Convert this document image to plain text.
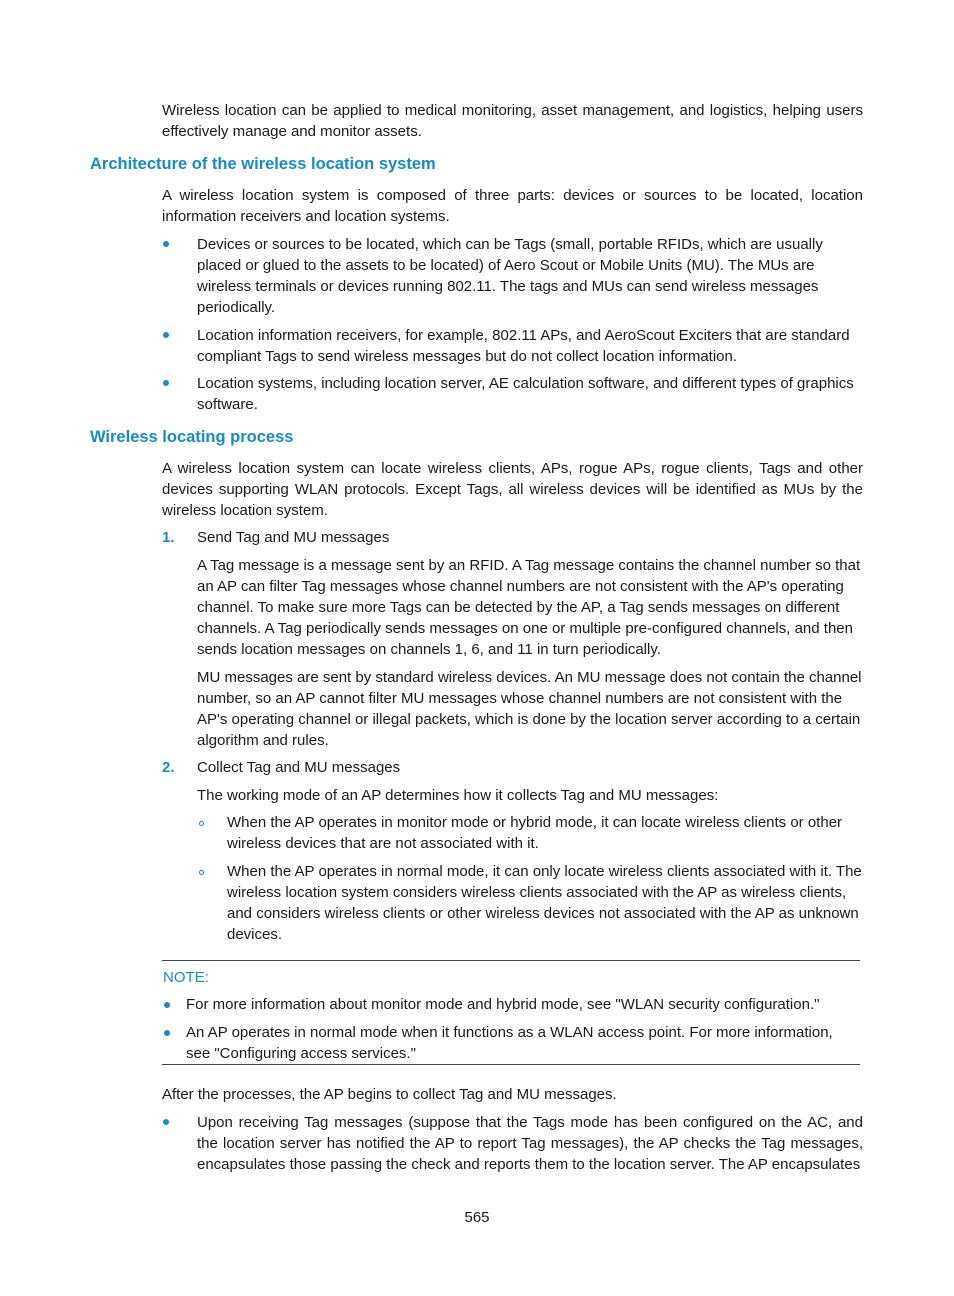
Wireless location can be applied to medical monitoring, asset management, and logistics, helping users effectively manage and monitor assets.

Architecture of the wireless location system

A wireless location system is composed of three parts: devices or sources to be located, location information receivers and location systems.

Devices or sources to be located, which can be Tags (small, portable RFIDs, which are usually placed or glued to the assets to be located) of Aero Scout or Mobile Units (MU). The MUs are wireless terminals or devices running 802.11. The tags and MUs can send wireless messages periodically.

Location information receivers, for example, 802.11 APs, and AeroScout Exciters that are standard compliant Tags to send wireless messages but do not collect location information.

Location systems, including location server, AE calculation software, and different types of graphics software.

Wireless locating process

A wireless location system can locate wireless clients, APs, rogue APs, rogue clients, Tags and other devices supporting WLAN protocols. Except Tags, all wireless devices will be identified as MUs by the wireless location system.

1. Send Tag and MU messages

A Tag message is a message sent by an RFID. A Tag message contains the channel number so that an AP can filter Tag messages whose channel numbers are not consistent with the AP's operating channel. To make sure more Tags can be detected by the AP, a Tag sends messages on different channels. A Tag periodically sends messages on one or multiple pre-configured channels, and then sends location messages on channels 1, 6, and 11 in turn periodically.

MU messages are sent by standard wireless devices. An MU message does not contain the channel number, so an AP cannot filter MU messages whose channel numbers are not consistent with the AP's operating channel or illegal packets, which is done by the location server according to a certain algorithm and rules.

2. Collect Tag and MU messages

The working mode of an AP determines how it collects Tag and MU messages:

When the AP operates in monitor mode or hybrid mode, it can locate wireless clients or other wireless devices that are not associated with it.

When the AP operates in normal mode, it can only locate wireless clients associated with it. The wireless location system considers wireless clients associated with the AP as wireless clients, and considers wireless clients or other wireless devices not associated with the AP as unknown devices.

NOTE:

For more information about monitor mode and hybrid mode, see "WLAN security configuration."

An AP operates in normal mode when it functions as a WLAN access point. For more information, see "Configuring access services."

After the processes, the AP begins to collect Tag and MU messages.

Upon receiving Tag messages (suppose that the Tags mode has been configured on the AC, and the location server has notified the AP to report Tag messages), the AP checks the Tag messages, encapsulates those passing the check and reports them to the location server. The AP encapsulates

565
